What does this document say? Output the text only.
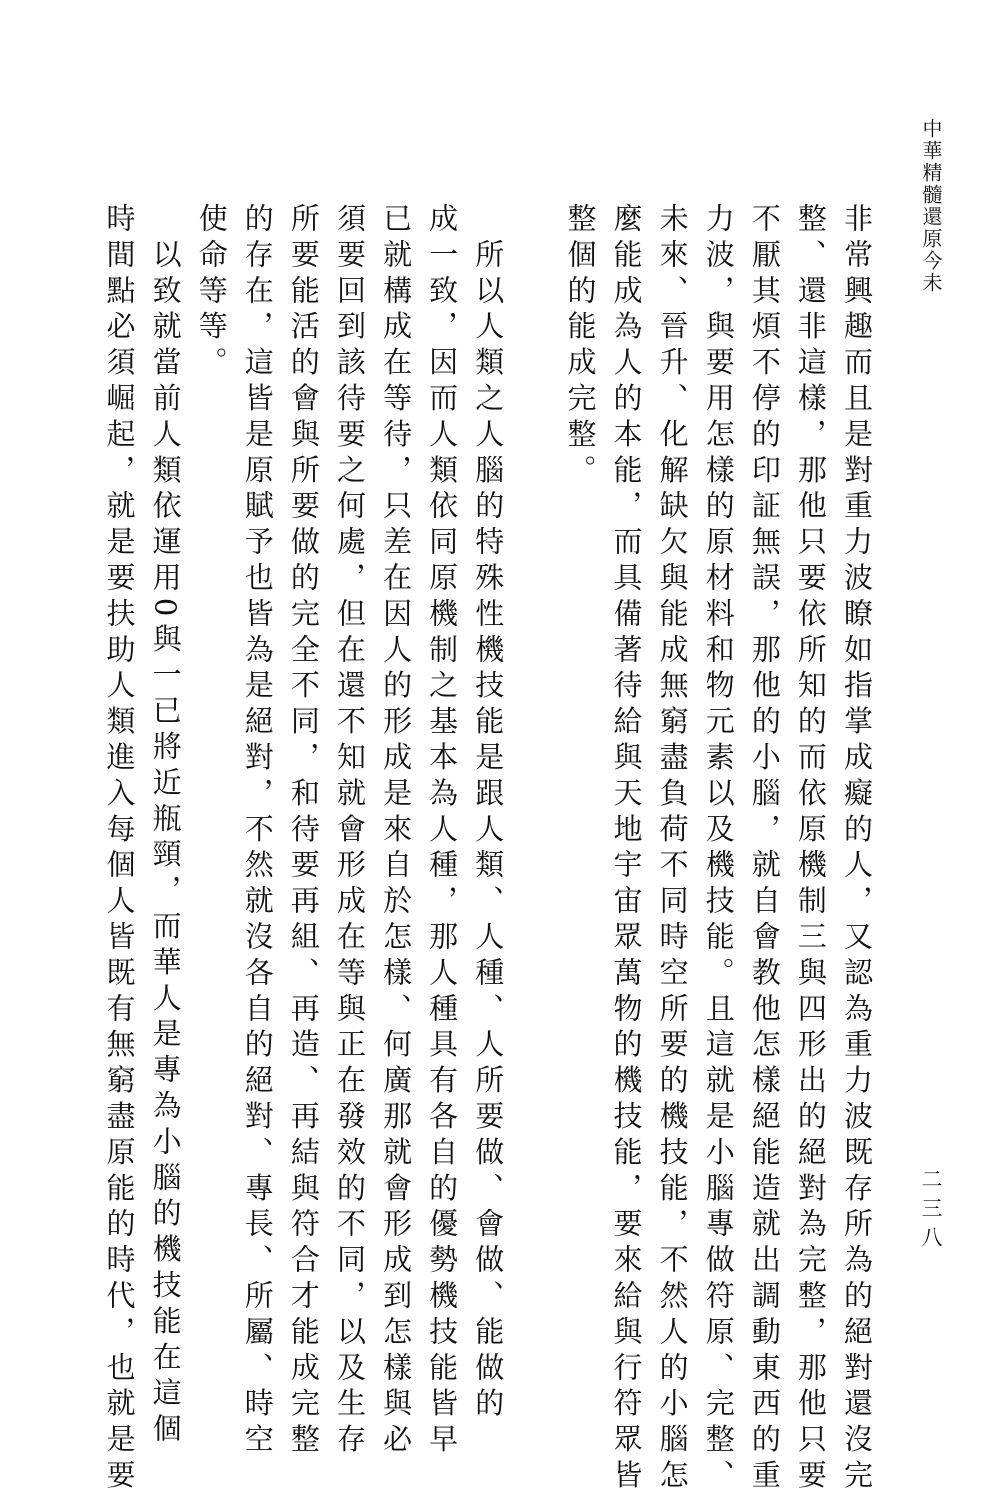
中華精髓還原今未
二三八
非常興趣而且是對重力波瞭如指掌成癡的人，又認為重力波既存所為的絕對還沒完
整、還非這樣，那他只要依所知的而依原機制三與四形出的絕對為完整，那他只要
不厭其煩不停的印証無誤，那他的小腦，就自會教他怎樣絕能造就出調動東西的重
力波，與要用怎樣的原材料和物元素以及機技能。且這就是小腦專做符原、完整、
未來、晉升、化解缺欠與能成無窮盡負荷不同時空所要的機技能，不然人的小腦怎
麼能成為人的本能，而具備著待給與天地宇宙眾萬物的機技能，要來給與行符眾皆
整個的能成完整。
　所以人類之人腦的特殊性機技能是跟人類、人種、人所要做、會做、能做的
成一致，因而人類依同原機制之基本為人種，那人種具有各自的優勢機技能皆早
已就構成在等待，只差在因人的形成是來自於怎樣、何廣那就會形成到怎樣與必
須要回到該待要之何處，但在還不知就會形成在等與正在發效的不同，以及生存
所要能活的會與所要做的完全不同，和待要再組、再造、再結與符合才能成完整
的存在，這皆是原賦予也皆為是絕對，不然就沒各自的絕對、專長、所屬、時空
使命等等。
　以致就當前人類依運用0與一已將近瓶頸，而華人是專為小腦的機技能在這個
時間點必須崛起，就是要扶助人類進入每個人皆既有無窮盡原能的時代，也就是要
